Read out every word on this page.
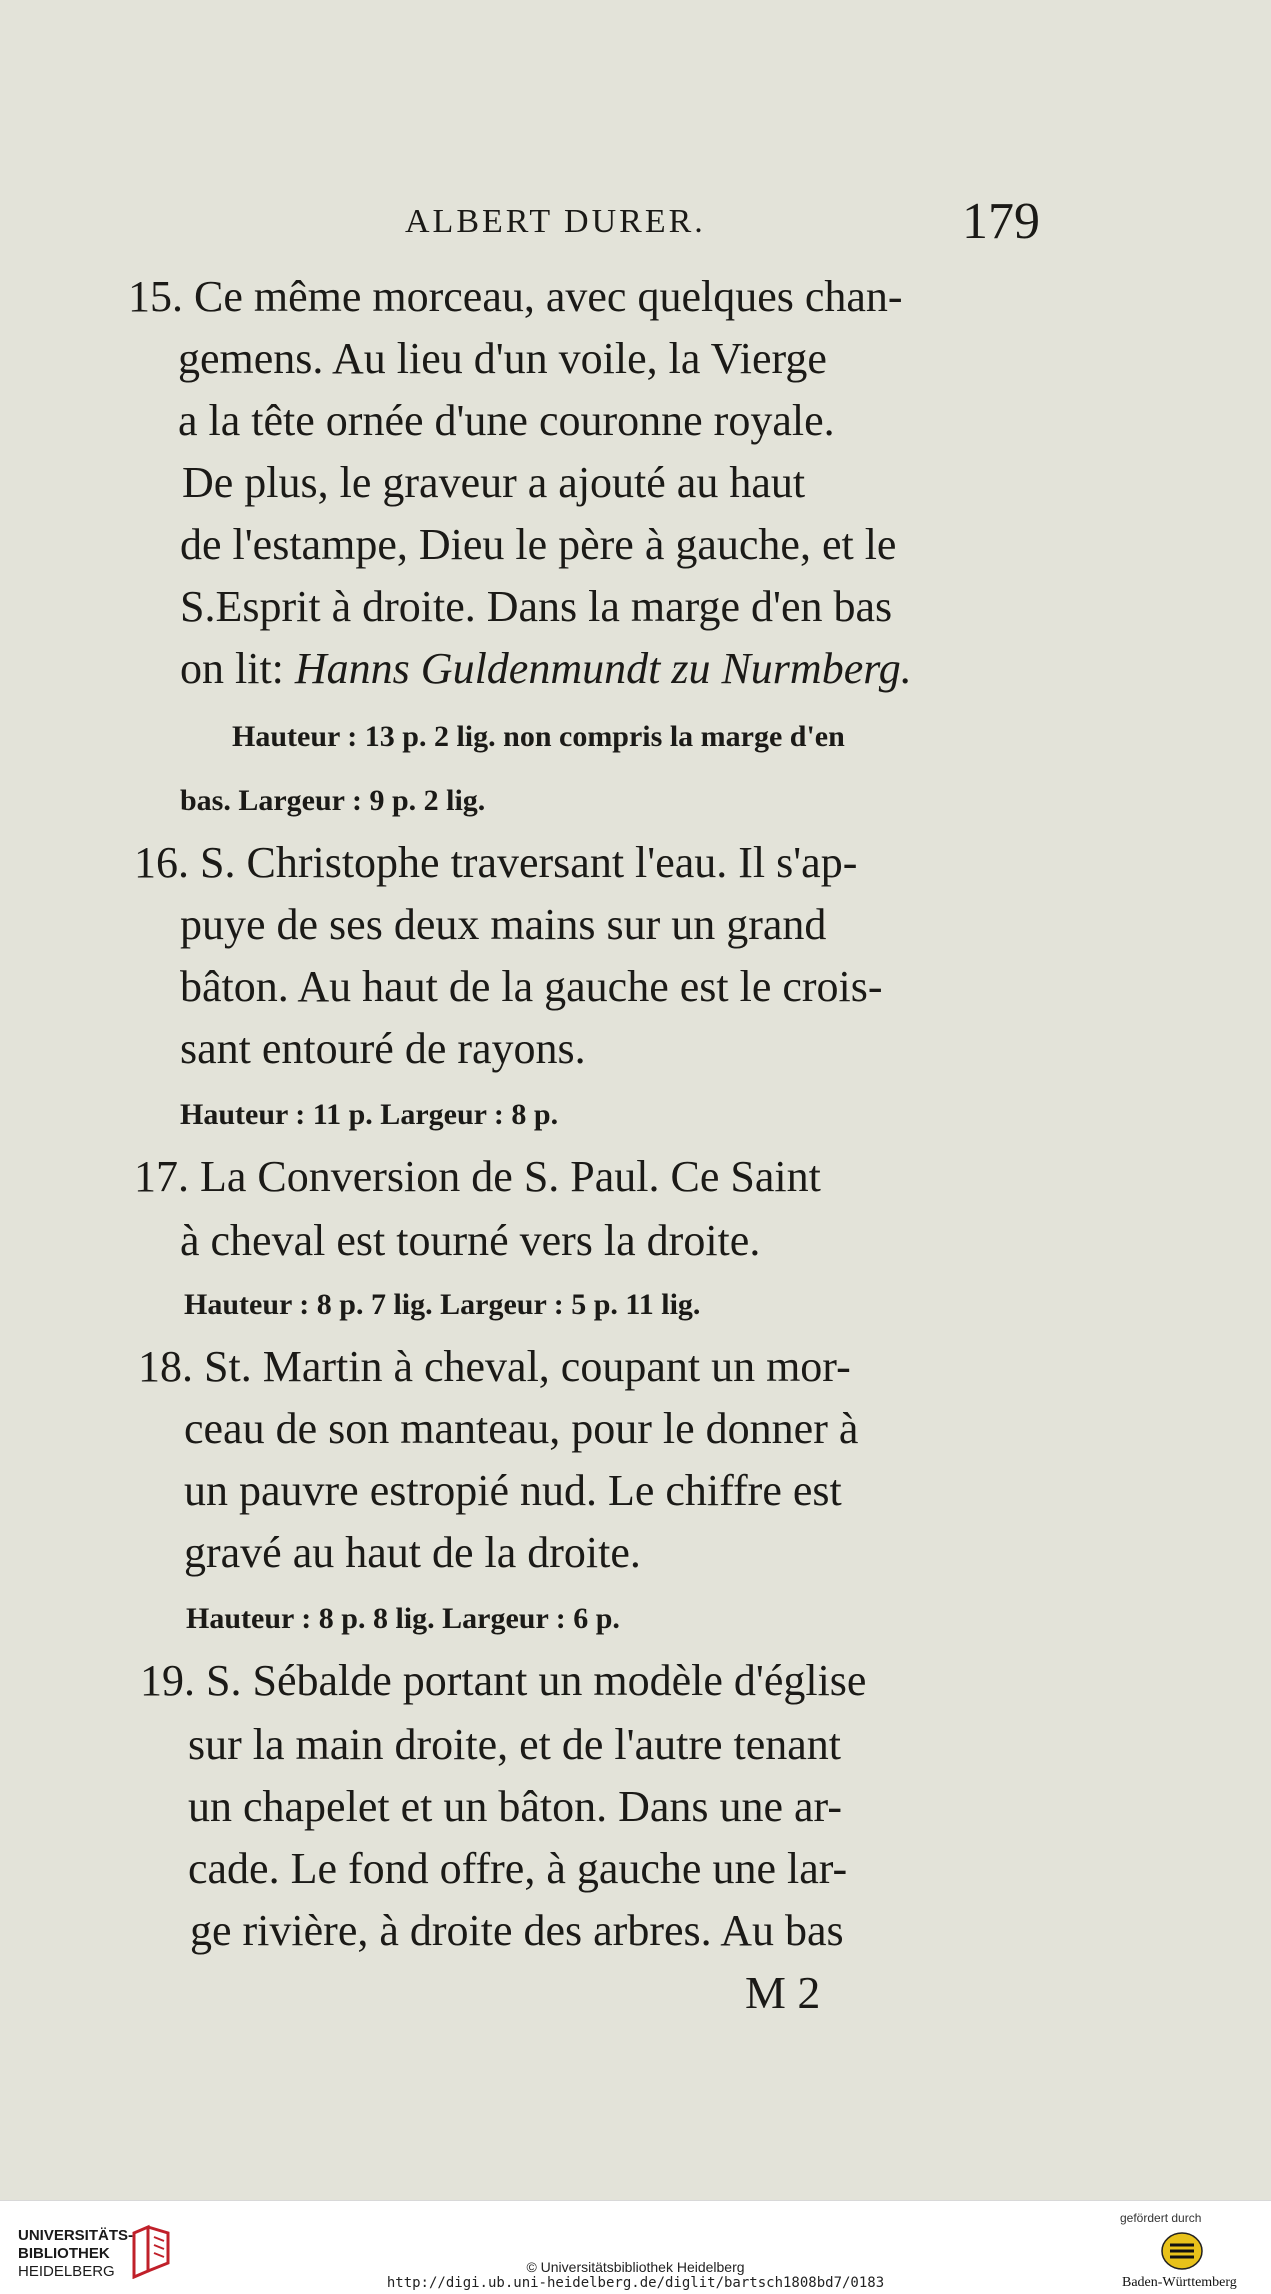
ALBERT DURER.	179
15. Ce même morceau, avec quelques chan-
gemens. Au lieu d'un voile, la Vierge
a la tête ornée d'une couronne royale.
De plus, le graveur a ajouté au haut
de l'estampe, Dieu le père à gauche, et le
S.Esprit à droite. Dans la marge d'en bas
on lit: Hanns Guldenmundt zu Nurmberg.
Hauteur : 13 p. 2 lig. non compris la marge d'en
bas. Largeur : 9 p. 2 lig.
16. S. Christophe traversant l'eau. Il s'ap-
puye de ses deux mains sur un grand
bâton. Au haut de la gauche est le crois-
sant entouré de rayons.
Hauteur : 11 p. Largeur : 8 p.
17. La Conversion de S. Paul. Ce Saint
à cheval est tourné vers la droite.
Hauteur : 8 p. 7 lig. Largeur : 5 p. 11 lig.
18. St. Martin à cheval, coupant un mor-
ceau de son manteau, pour le donner à
un pauvre estropié nud. Le chiffre est
gravé au haut de la droite.
Hauteur : 8 p. 8 lig. Largeur : 6 p.
19. S. Sébalde portant un modèle d'église
sur la main droite, et de l'autre tenant
un chapelet et un bâton. Dans une ar-
cade. Le fond offre, à gauche une lar-
ge rivière, à droite des arbres. Au bas
M 2
UNIVERSITÄTS-
BIBLIOTHEK
HEIDELBERG	© Universitätsbibliothek Heidelberg
http://digi.ub.uni-heidelberg.de/diglit/bartsch1808bd7/0183
gefördert durch
Baden-Württemberg
